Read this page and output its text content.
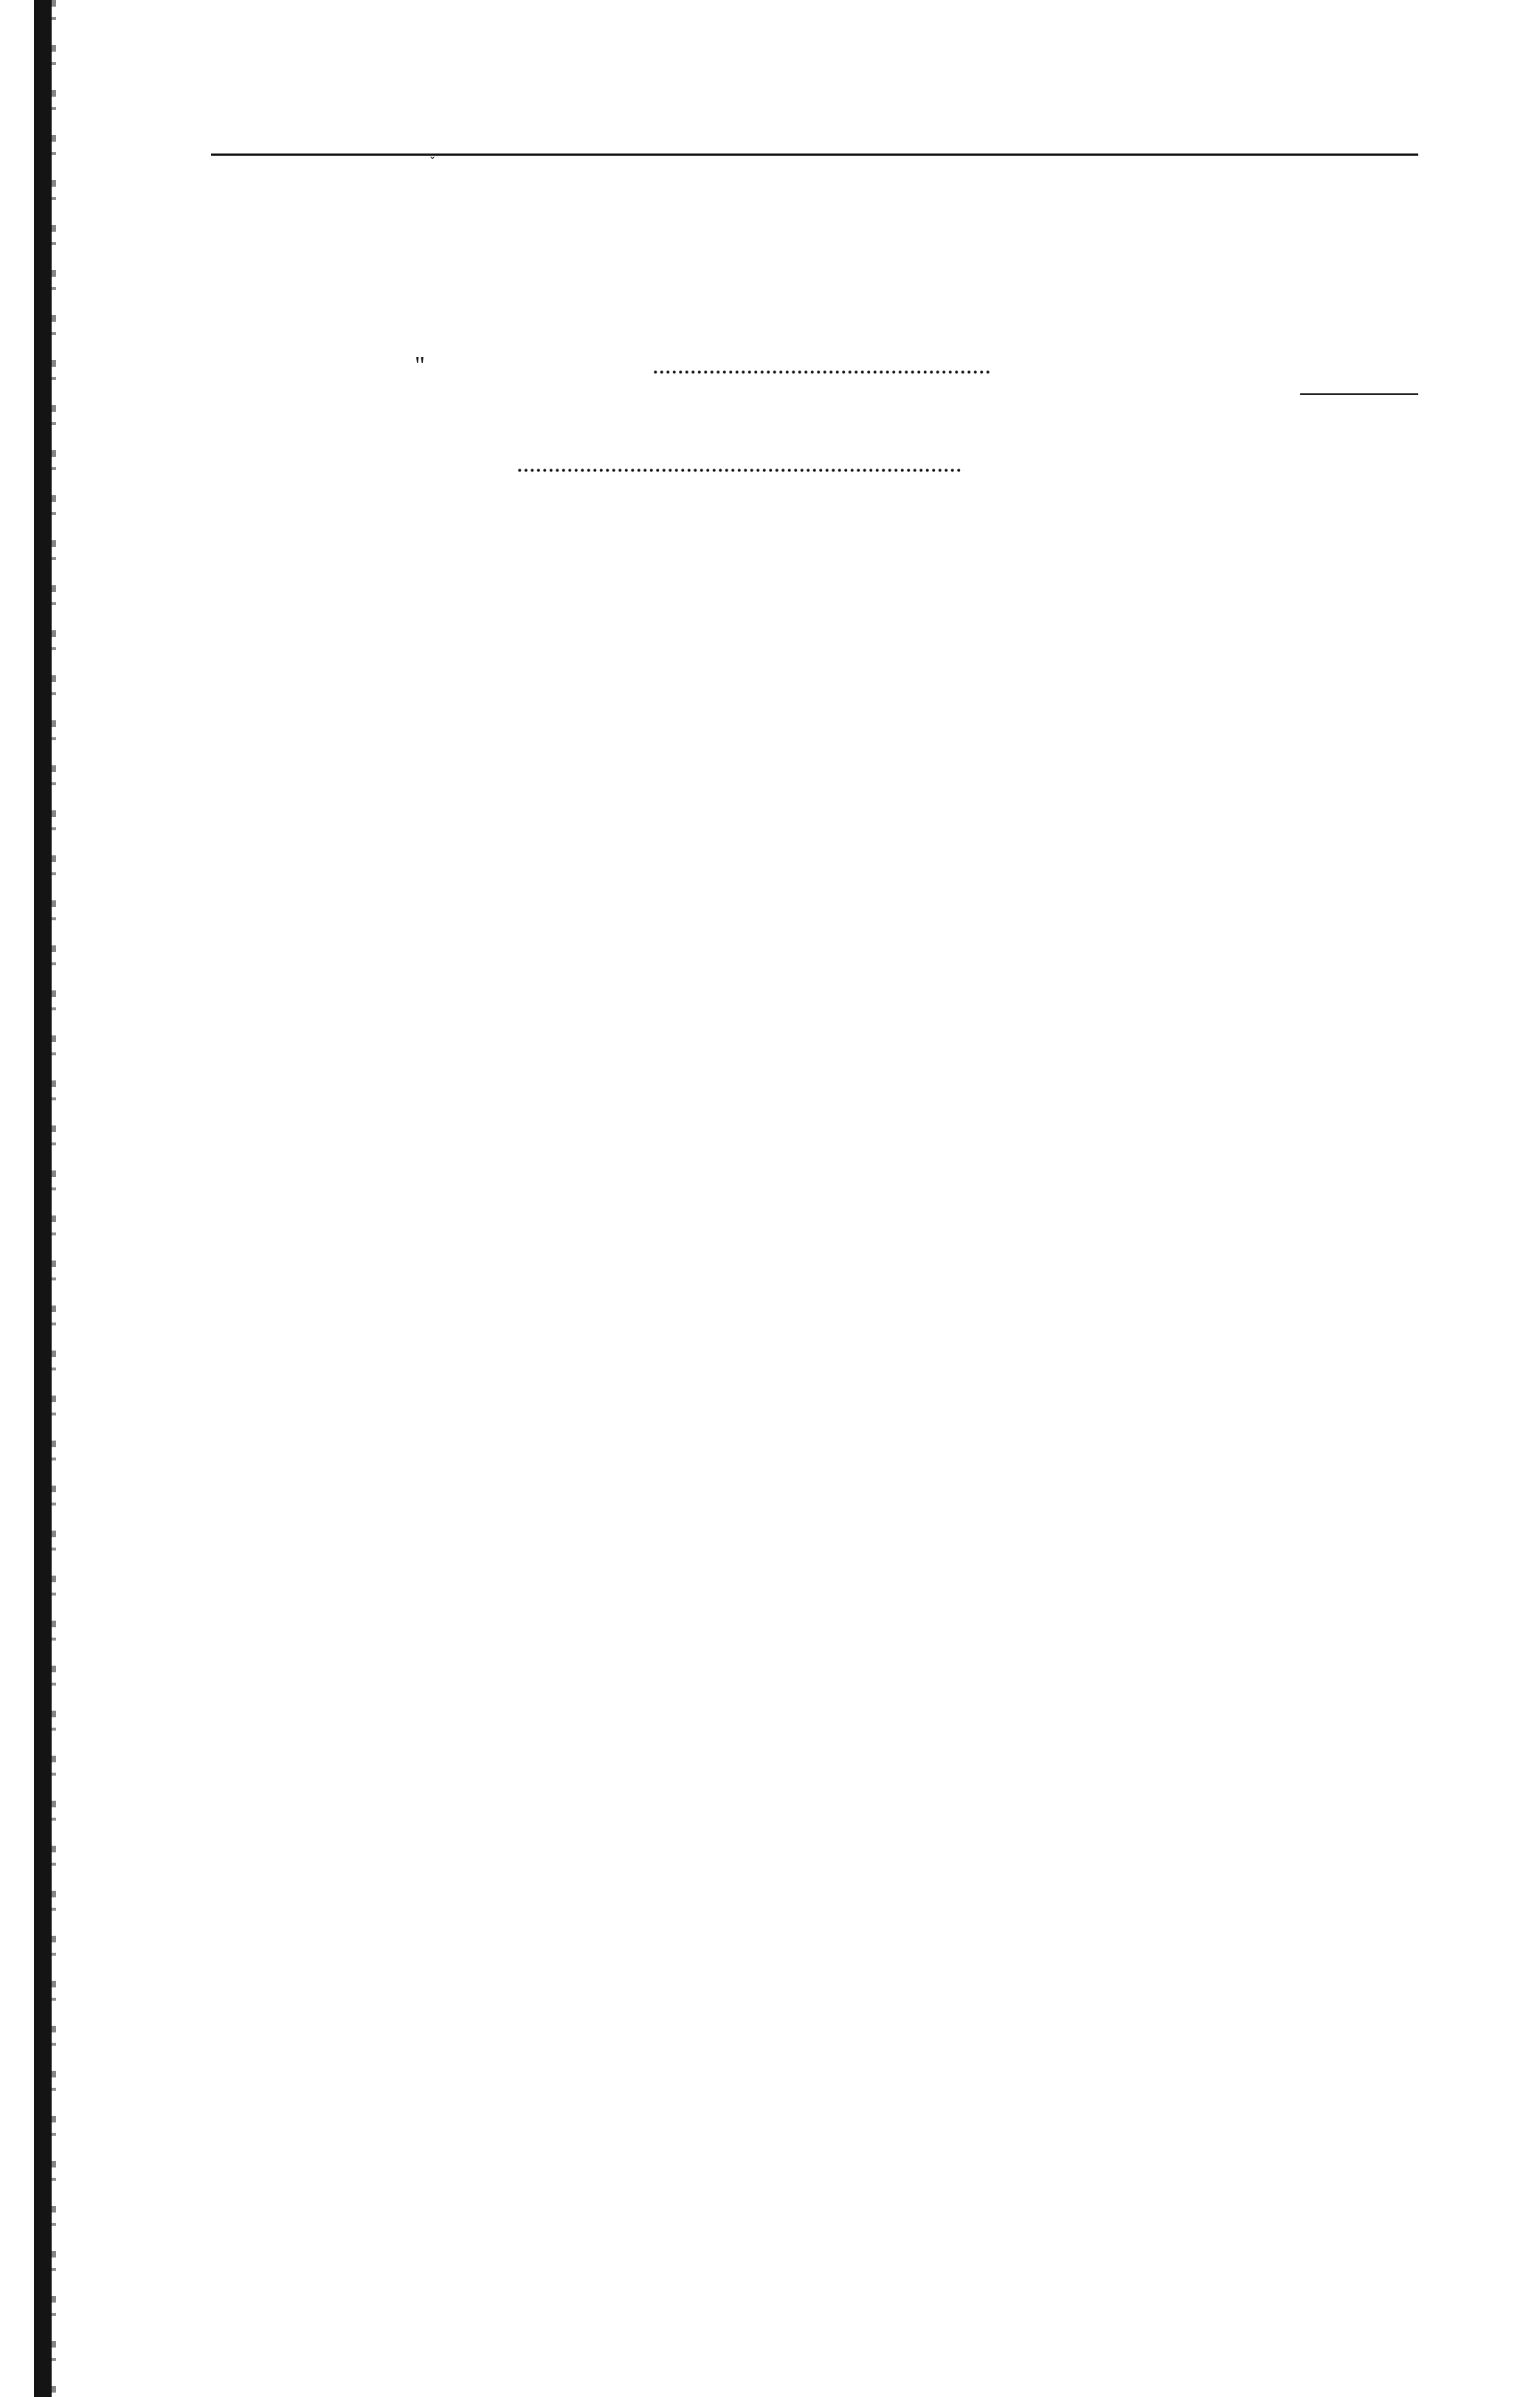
ˇ

"

	......................................................

.......................................................................
